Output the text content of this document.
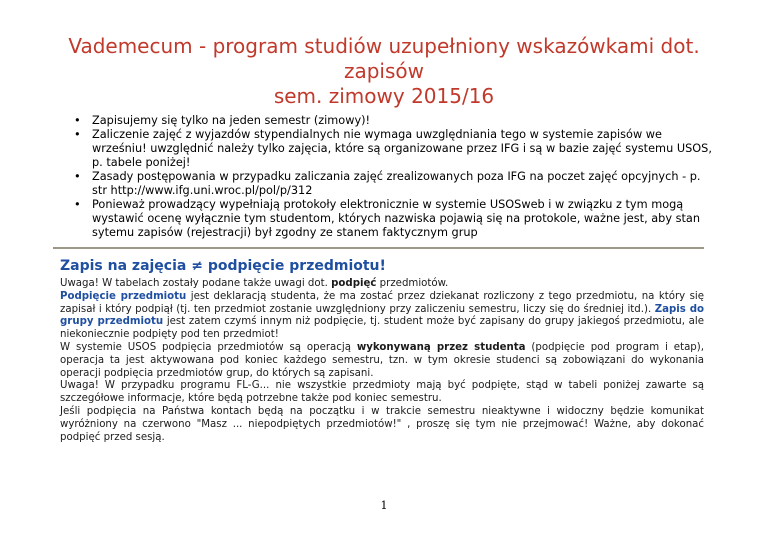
Vademecum - program studiów uzupełniony wskazówkami dot.
zapisów
sem. zimowy 2015/16
• Zapisujemy się tylko na jeden semestr (zimowy)!
• Zaliczenie zajęć z wyjazdów stypendialnych nie wymaga uwzględniania tego w systemie zapisów we wrześniu! uwzględnić należy tylko zajęcia, które są organizowane przez IFG i są w bazie zajęć systemu USOS, p. tabele poniżej!
• Zasady postępowania w przypadku zaliczania zajęć zrealizowanych poza IFG na poczet zajęć opcyjnych - p. str http://www.ifg.uni.wroc.pl/pol/p/312
• Ponieważ prowadzący wypełniają protokoły elektronicznie w systemie USOSweb i w związku z tym mogą wystawić ocenę wyłącznie tym studentom, których nazwiska pojawią się na protokole, ważne jest, aby stan sytemu zapisów (rejestracji) był zgodny ze stanem faktycznym grup
Zapis na zajęcia ≠ podpięcie przedmiotu!

Uwaga! W tabelach zostały podane także uwagi dot. podpięć przedmiotów.

Podpięcie przedmiotu jest deklaracją studenta, że ma zostać przez dziekanat rozliczony z tego przedmiotu, na który się zapisał i który podpiął (tj. ten przedmiot zostanie uwzględniony przy zaliczeniu semestru, liczy się do średniej itd.). Zapis do grupy przedmiotu jest zatem czymś innym niż podpięcie, tj. student może być zapisany do grupy jakiegoś przedmiotu, ale niekoniecznie podpięty pod ten przedmiot!

W systemie USOS podpięcia przedmiotów są operacją wykonywaną przez studenta (podpięcie pod program i etap), operacja ta jest aktywowana pod koniec każdego semestru, tzn. w tym okresie studenci są zobowiązani do wykonania operacji podpięcia przedmiotów grup, do których są zapisani.

Uwaga! W przypadku programu FL-G... nie wszystkie przedmioty mają być podpięte, stąd w tabeli poniżej zawarte są szczegółowe informacje, które będą potrzebne także pod koniec semestru.

Jeśli podpięcia na Państwa kontach będą na początku i w trakcie semestru nieaktywne i widoczny będzie komunikat wyróżniony na czerwono "Masz ... niepodpiętych przedmiotów!" , proszę się tym nie przejmować! Ważne, aby dokonać podpięć przed sesją.

1
